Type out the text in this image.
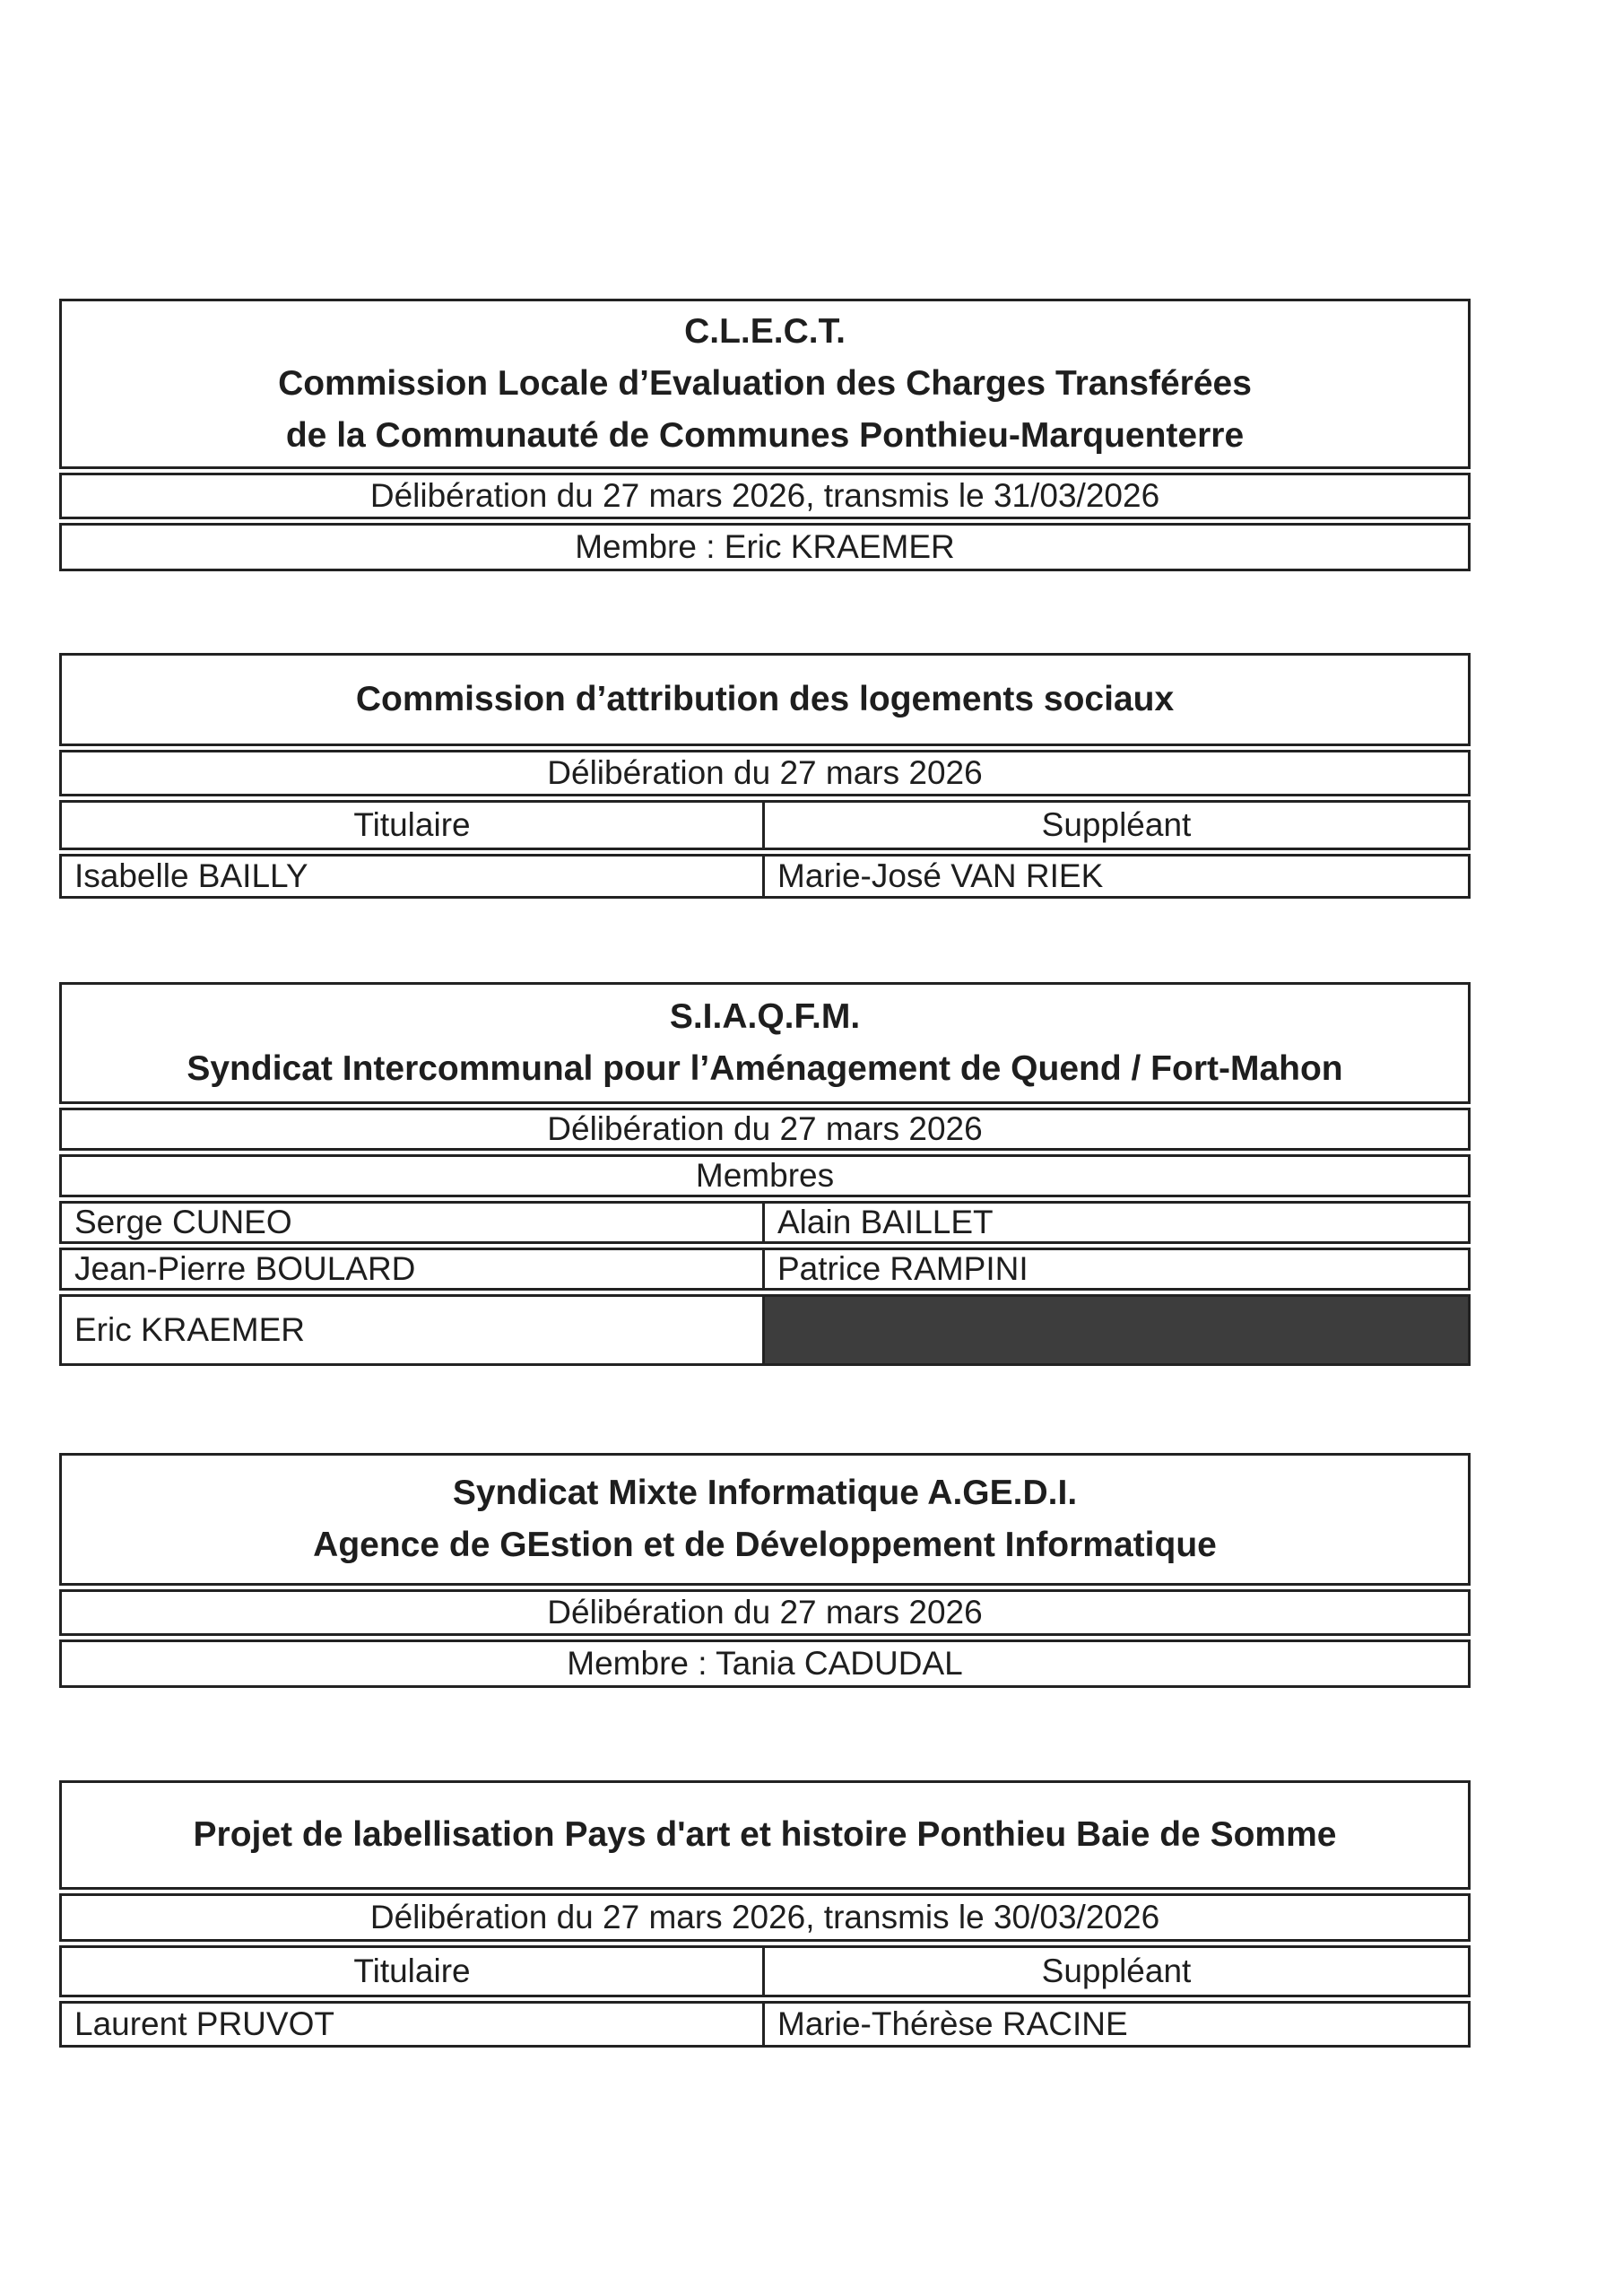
C.L.E.C.T.
Commission Locale d’Evaluation des Charges Transférées
de la Communauté de Communes Ponthieu-Marquenterre
Délibération du 27 mars 2026, transmis le 31/03/2026
Membre : Eric KRAEMER
Commission d’attribution des logements sociaux
Délibération du 27 mars 2026
Titulaire	Suppléant
Isabelle BAILLY	Marie-José VAN RIEK
S.I.A.Q.F.M.
Syndicat Intercommunal pour l’Aménagement de Quend / Fort-Mahon
Délibération du 27 mars 2026
Membres
Serge CUNEO	Alain BAILLET
Jean-Pierre BOULARD	Patrice RAMPINI
Eric KRAEMER
Syndicat Mixte Informatique A.GE.D.I.
Agence de GEstion et de Développement Informatique
Délibération du 27 mars 2026
Membre : Tania CADUDAL
Projet de labellisation Pays d'art et histoire Ponthieu Baie de Somme
Délibération du 27 mars 2026, transmis le 30/03/2026
Titulaire	Suppléant
Laurent PRUVOT	Marie-Thérèse RACINE
